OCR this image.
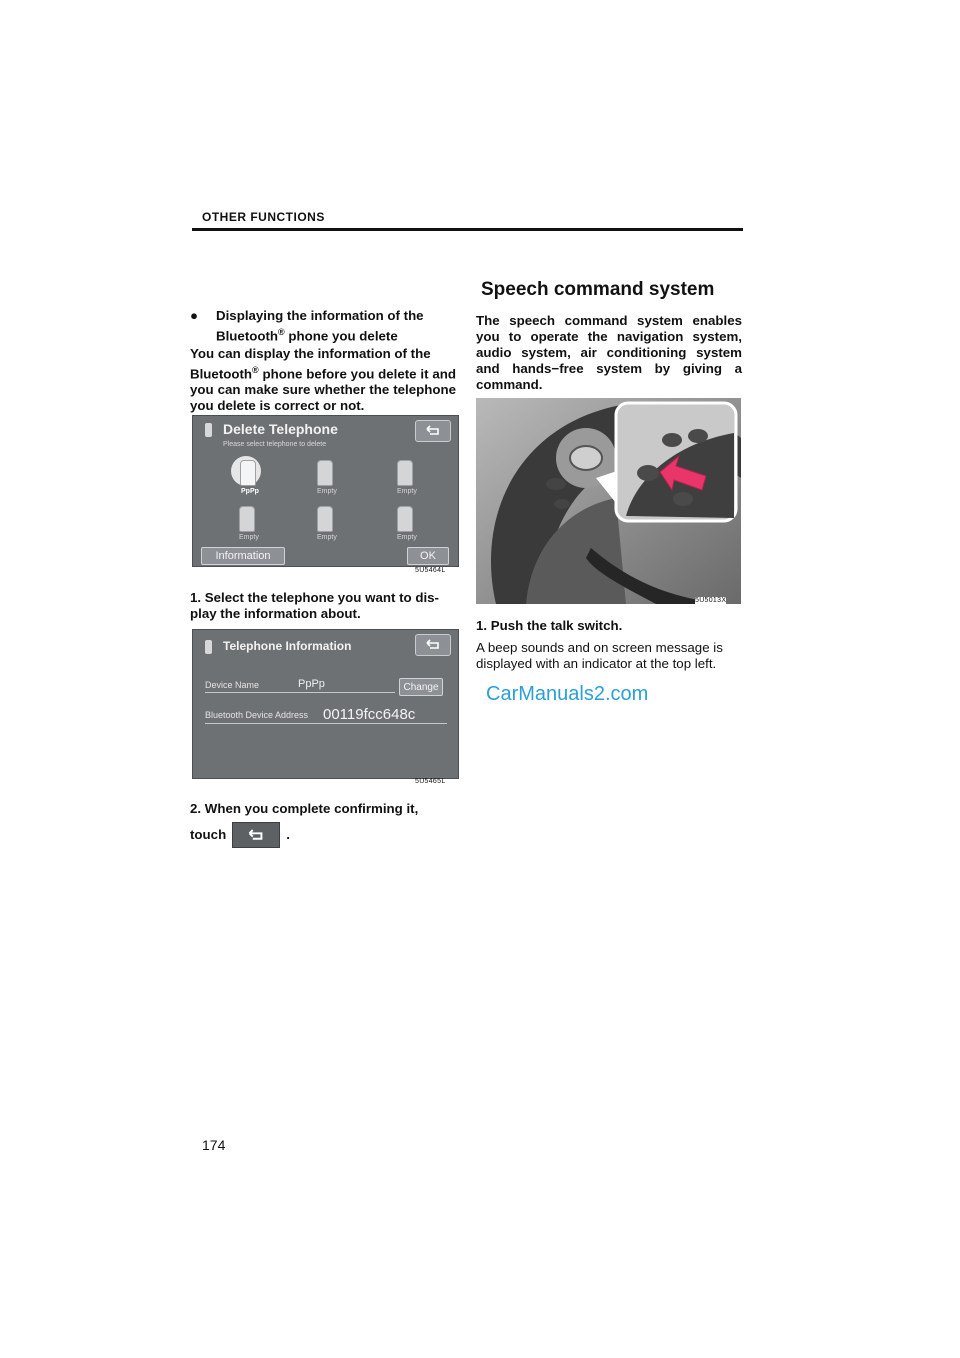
OTHER FUNCTIONS
●	Displaying the information of the
Bluetooth® phone you delete
You can display the information of the
Bluetooth® phone before you delete it and you can make sure whether the telephone you delete is correct or not.
Delete Telephone
Please select telephone to delete
PpPp	Empty	Empty
Empty	Empty	Empty
Information	OK
5U5464L
1. Select the telephone you want to dis-play the information about.
Telephone Information
Device Name	PpPp	Change
Bluetooth Device Address 00119fcc648c
5U5465L
2. When you complete confirming it,
touch	.
Speech command system
The speech command system enables you to operate the navigation system, audio system, air conditioning system and hands−free system by giving a command.
5U5013X
1. Push the talk switch.
A beep sounds and on screen message is displayed with an indicator at the top left.
CarManuals2.com
174
